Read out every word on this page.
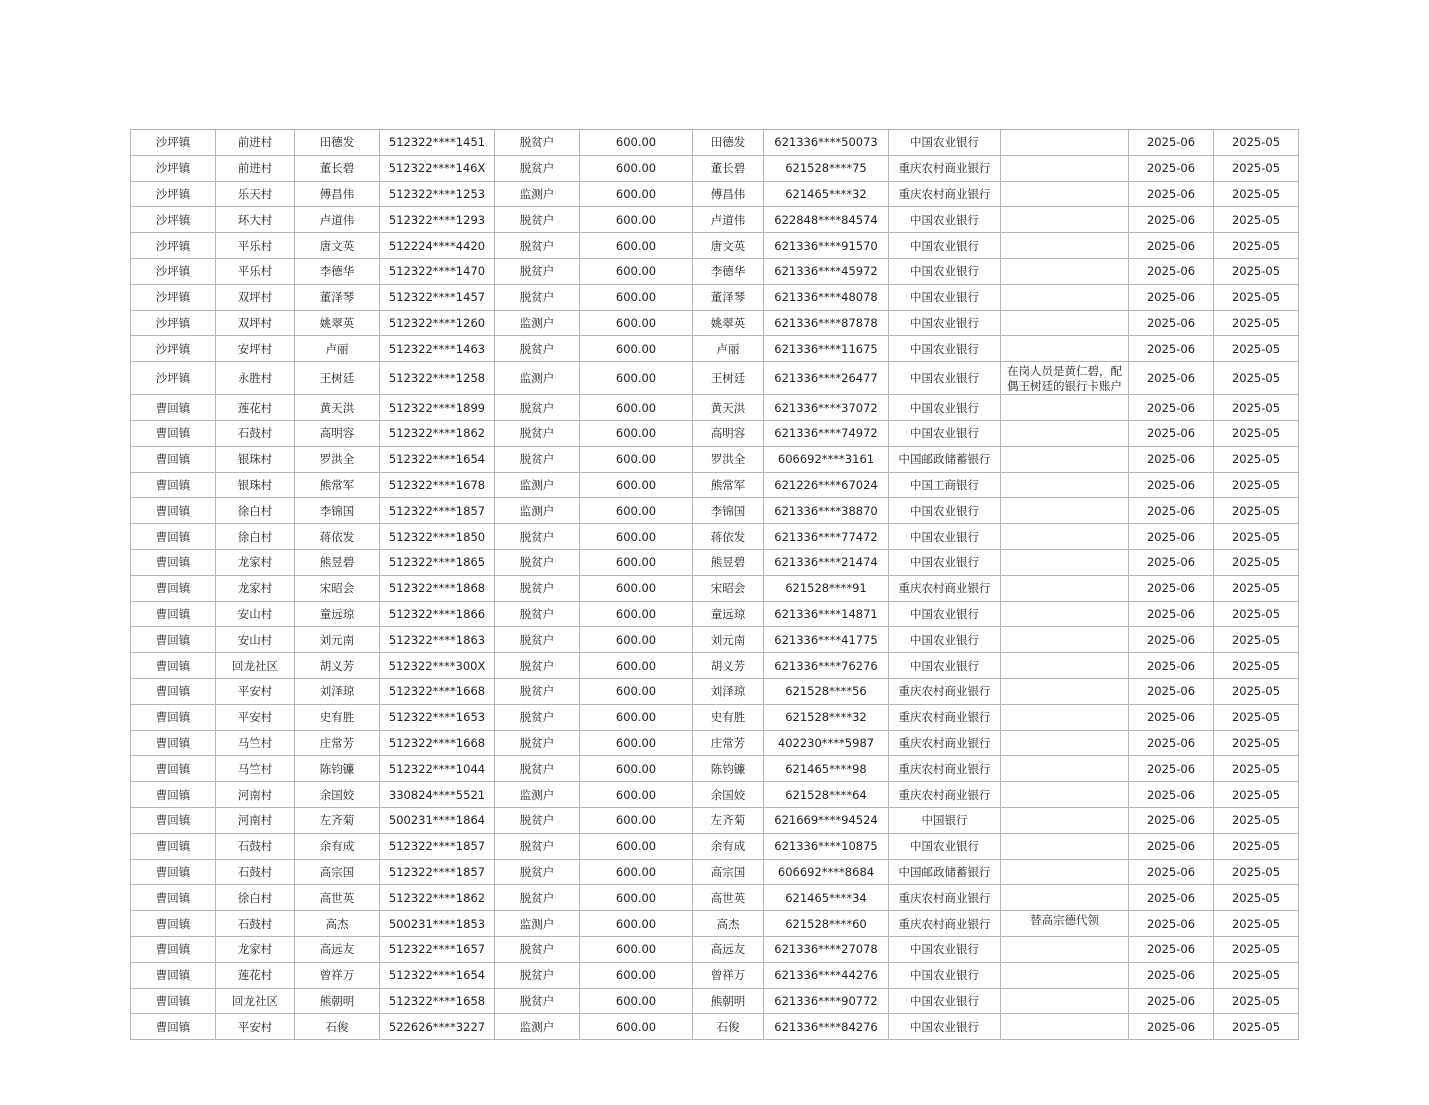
沙坪镇	前进村	田德发	512322****1451	脱贫户	600.00	田德发	621336****50073	中国农业银行		2025-06	2025-05
沙坪镇	前进村	董长碧	512322****146X	脱贫户	600.00	董长碧	621528****75	重庆农村商业银行		2025-06	2025-05
沙坪镇	乐天村	傅昌伟	512322****1253	监测户	600.00	傅昌伟	621465****32	重庆农村商业银行		2025-06	2025-05
沙坪镇	环大村	卢道伟	512322****1293	脱贫户	600.00	卢道伟	622848****84574	中国农业银行		2025-06	2025-05
沙坪镇	平乐村	唐文英	512224****4420	脱贫户	600.00	唐文英	621336****91570	中国农业银行		2025-06	2025-05
沙坪镇	平乐村	李德华	512322****1470	脱贫户	600.00	李德华	621336****45972	中国农业银行		2025-06	2025-05
沙坪镇	双坪村	董泽琴	512322****1457	脱贫户	600.00	董泽琴	621336****48078	中国农业银行		2025-06	2025-05
沙坪镇	双坪村	姚翠英	512322****1260	监测户	600.00	姚翠英	621336****87878	中国农业银行		2025-06	2025-05
沙坪镇	安坪村	卢丽	512322****1463	脱贫户	600.00	卢丽	621336****11675	中国农业银行		2025-06	2025-05
沙坪镇	永胜村	王树廷	512322****1258	监测户	600.00	王树廷	621336****26477	中国农业银行	在岗人员是黄仁碧，配偶王树廷的银行卡账户	2025-06	2025-05
曹回镇	莲花村	黄天洪	512322****1899	脱贫户	600.00	黄天洪	621336****37072	中国农业银行		2025-06	2025-05
曹回镇	石鼓村	高明容	512322****1862	脱贫户	600.00	高明容	621336****74972	中国农业银行		2025-06	2025-05
曹回镇	银珠村	罗洪全	512322****1654	脱贫户	600.00	罗洪全	606692****3161	中国邮政储蓄银行		2025-06	2025-05
曹回镇	银珠村	熊常军	512322****1678	监测户	600.00	熊常军	621226****67024	中国工商银行		2025-06	2025-05
曹回镇	徐白村	李锦国	512322****1857	监测户	600.00	李锦国	621336****38870	中国农业银行		2025-06	2025-05
曹回镇	徐白村	蒋依发	512322****1850	脱贫户	600.00	蒋依发	621336****77472	中国农业银行		2025-06	2025-05
曹回镇	龙家村	熊昱碧	512322****1865	脱贫户	600.00	熊昱碧	621336****21474	中国农业银行		2025-06	2025-05
曹回镇	龙家村	宋昭会	512322****1868	脱贫户	600.00	宋昭会	621528****91	重庆农村商业银行		2025-06	2025-05
曹回镇	安山村	童远琼	512322****1866	脱贫户	600.00	童远琼	621336****14871	中国农业银行		2025-06	2025-05
曹回镇	安山村	刘元南	512322****1863	脱贫户	600.00	刘元南	621336****41775	中国农业银行		2025-06	2025-05
曹回镇	回龙社区	胡义芳	512322****300X	脱贫户	600.00	胡义芳	621336****76276	中国农业银行		2025-06	2025-05
曹回镇	平安村	刘泽琼	512322****1668	脱贫户	600.00	刘泽琼	621528****56	重庆农村商业银行		2025-06	2025-05
曹回镇	平安村	史有胜	512322****1653	脱贫户	600.00	史有胜	621528****32	重庆农村商业银行		2025-06	2025-05
曹回镇	马竺村	庄常芳	512322****1668	脱贫户	600.00	庄常芳	402230****5987	重庆农村商业银行		2025-06	2025-05
曹回镇	马竺村	陈钧镰	512322****1044	脱贫户	600.00	陈钧镰	621465****98	重庆农村商业银行		2025-06	2025-05
曹回镇	河南村	余国姣	330824****5521	监测户	600.00	余国姣	621528****64	重庆农村商业银行		2025-06	2025-05
曹回镇	河南村	左齐菊	500231****1864	脱贫户	600.00	左齐菊	621669****94524	中国银行		2025-06	2025-05
曹回镇	石鼓村	余有成	512322****1857	脱贫户	600.00	余有成	621336****10875	中国农业银行		2025-06	2025-05
曹回镇	石鼓村	高宗国	512322****1857	脱贫户	600.00	高宗国	606692****8684	中国邮政储蓄银行		2025-06	2025-05
曹回镇	徐白村	高世英	512322****1862	脱贫户	600.00	高世英	621465****34	重庆农村商业银行		2025-06	2025-05
曹回镇	石鼓村	高杰	500231****1853	监测户	600.00	高杰	621528****60	重庆农村商业银行	替高宗德代领	2025-06	2025-05
曹回镇	龙家村	高远友	512322****1657	脱贫户	600.00	高远友	621336****27078	中国农业银行		2025-06	2025-05
曹回镇	莲花村	曾祥万	512322****1654	脱贫户	600.00	曾祥万	621336****44276	中国农业银行		2025-06	2025-05
曹回镇	回龙社区	熊朝明	512322****1658	脱贫户	600.00	熊朝明	621336****90772	中国农业银行		2025-06	2025-05
曹回镇	平安村	石俊	522626****3227	监测户	600.00	石俊	621336****84276	中国农业银行		2025-06	2025-05
